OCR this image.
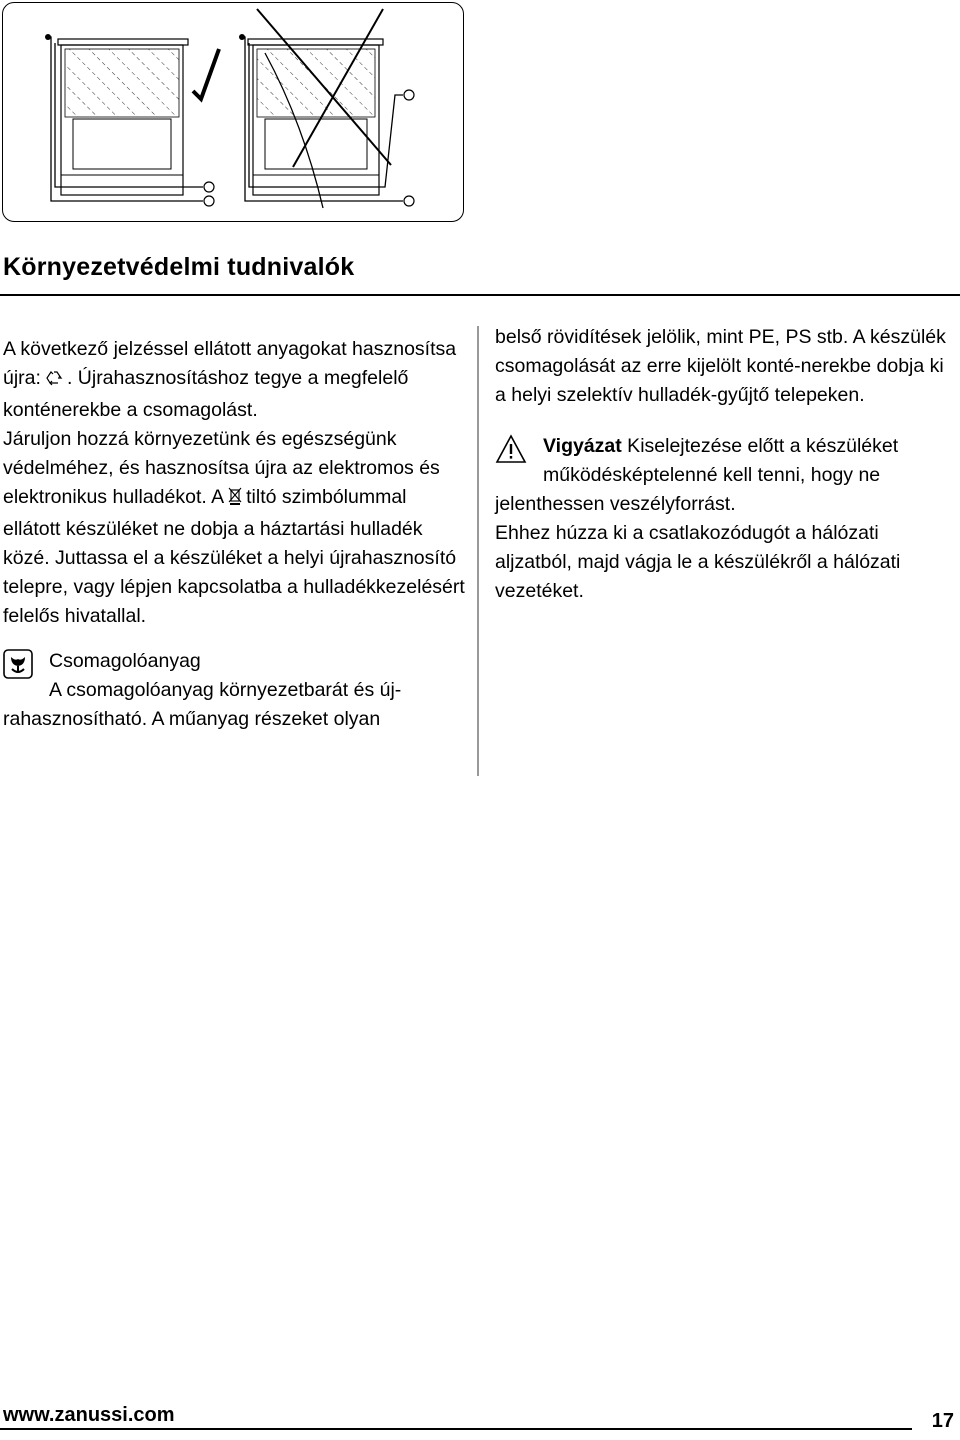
Környezetvédelmi tudnivalók

A következő jelzéssel ellátott anyagokat hasznosítsa újra: . Újrahasznosításhoz tegye a megfelelő konténerekbe a csomagolást.

Járuljon hozzá környezetünk és egészségünk védelméhez, és hasznosítsa újra az elektromos és elektronikus hulladékot. A tiltó szimbólummal ellátott készüléket ne dobja a háztartási hulladék közé. Juttassa el a készüléket a helyi újrahasznosító telepre, vagy lépjen kapcsolatba a hulladékkezelésért felelős hivatallal.

Csomagolóanyag

A csomagolóanyag környezetbarát és új-

rahasznosítható. A műanyag részeket olyan

belső rövidítések jelölik, mint PE, PS stb. A készülék csomagolását az erre kijelölt konté-nerekbe dobja ki a helyi szelektív hulladék-gyűjtő telepeken.

Vigyázat Kiselejtezése előtt a készüléket

működésképtelenné kell tenni, hogy ne

jelenthessen veszélyforrást.

Ehhez húzza ki a csatlakozódugót a hálózati aljzatból, majd vágja le a készülékről a hálózati vezetéket.

www.zanussi.com	17
